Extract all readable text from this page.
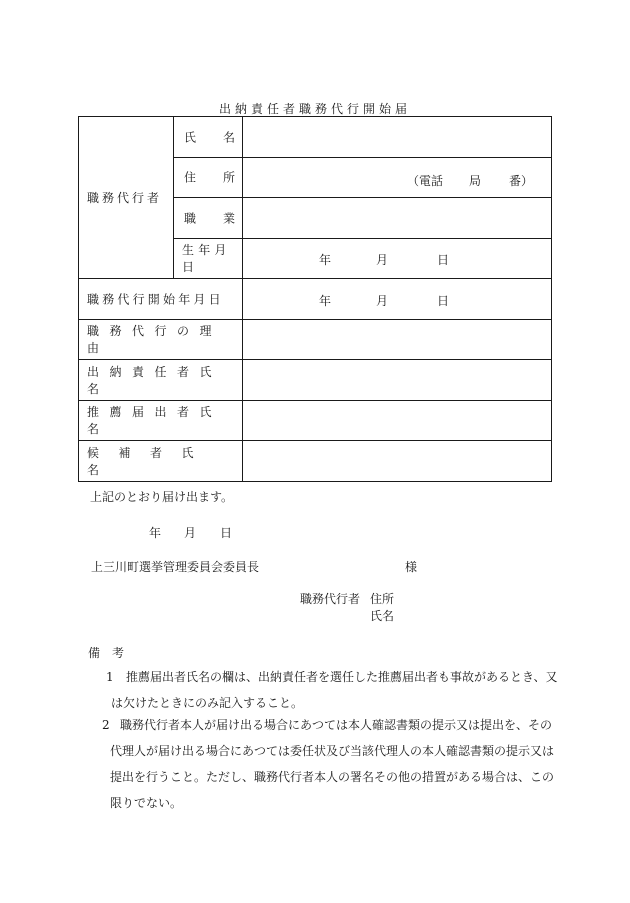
出納責任者職務代行開始届
職務代行者	氏 名	

	住 所	（電話 局 番）

	職 業	

	生年月日	年 月 日

職務代行開始年月日		年 月 日

職務代行の理由		

出納責任者氏名		

推薦届出者氏名		

候補者氏名		

上記のとおり届け出ます。
年 月 日
上三川町選挙管理委員会委員長	様
職務代行者 住所
氏名
備考
1 推薦届出者氏名の欄は、出納責任者を選任した推薦届出者も事故があるとき、又
は欠けたときにのみ記入すること。
2 職務代行者本人が届け出る場合にあつては本人確認書類の提示又は提出を、その
代理人が届け出る場合にあつては委任状及び当該代理人の本人確認書類の提示又は
提出を行うこと。ただし、職務代行者本人の署名その他の措置がある場合は、この
限りでない。
